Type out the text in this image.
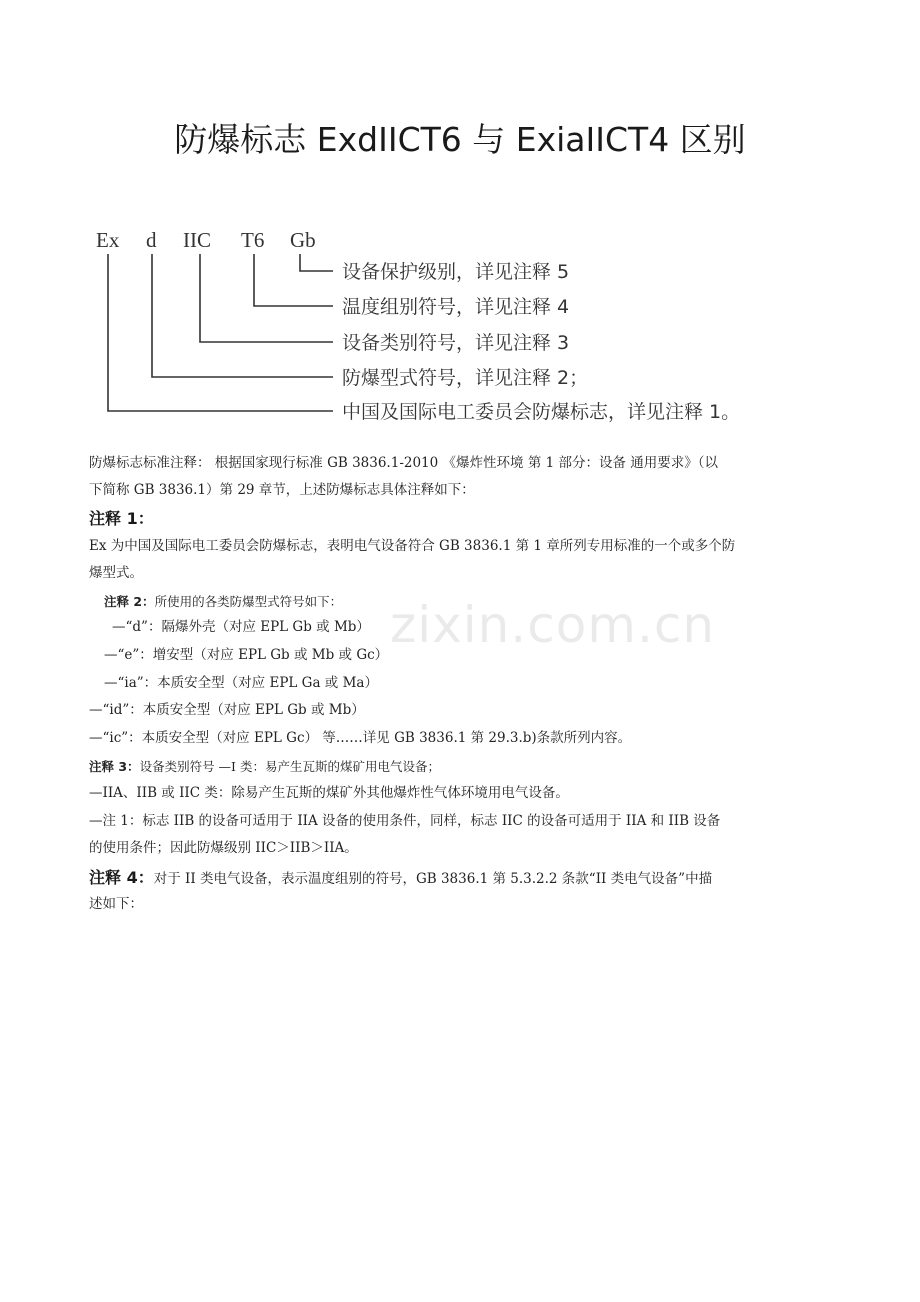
防爆标志 ExdIICT6 与 ExiaIICT4 区别
Ex d IIC T6 Gb
设备保护级别，详见注释 5
温度组别符号，详见注释 4
设备类别符号，详见注释 3
防爆型式符号，详见注释 2；
中国及国际电工委员会防爆标志，详见注释 1。
防爆标志标准注释： 根据国家现行标准 GB 3836.1-2010 《爆炸性环境 第 1 部分：设备 通用要求》（以
下简称 GB 3836.1）第 29 章节，上述防爆标志具体注释如下：
注释 1：
Ex 为中国及国际电工委员会防爆标志，表明电气设备符合 GB 3836.1 第 1 章所列专用标准的一个或多个防
爆型式。
注释 2：所使用的各类防爆型式符号如下：
—“d”：隔爆外壳（对应 EPL Gb 或 Mb）
—“e”：增安型（对应 EPL Gb 或 Mb 或 Gc）
—“ia”：本质安全型（对应 EPL Ga 或 Ma）
—“id”：本质安全型（对应 EPL Gb 或 Mb）
—“ic”：本质安全型（对应 EPL Gc） 等……详见 GB 3836.1 第 29.3.b)条款所列内容。
注释 3：设备类别符号 —I 类：易产生瓦斯的煤矿用电气设备；
—IIA、IIB 或 IIC 类：除易产生瓦斯的煤矿外其他爆炸性气体环境用电气设备。
—注 1：标志 IIB 的设备可适用于 IIA 设备的使用条件，同样，标志 IIC 的设备可适用于 IIA 和 IIB 设备
的使用条件；因此防爆级别 IIC＞IIB＞IIA。
注释 4：对于 II 类电气设备，表示温度组别的符号，GB 3836.1 第 5.3.2.2 条款“II 类电气设备”中描
述如下：
zixin.com.cn
